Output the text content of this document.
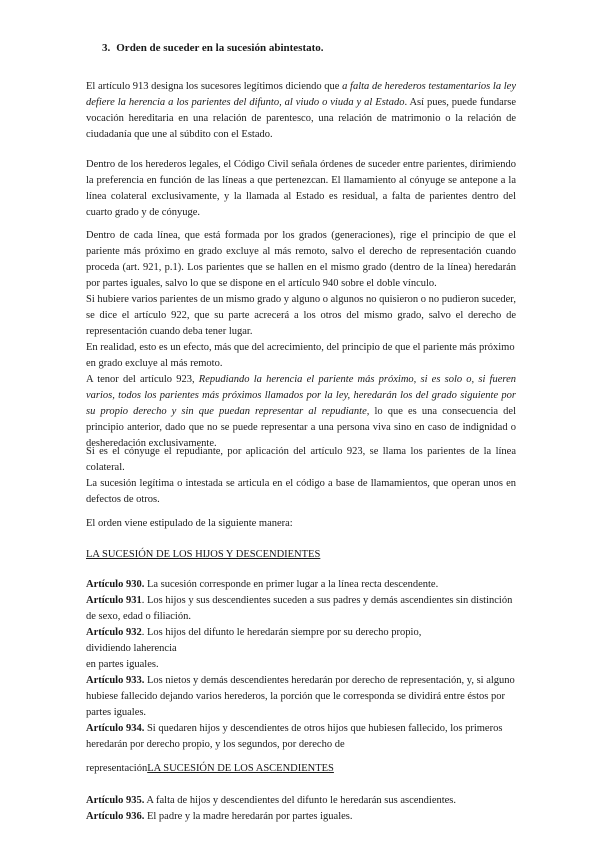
3. Orden de suceder en la sucesión abintestato.

El artículo 913 designa los sucesores legítimos diciendo que a falta de herederos testamentarios la ley defiere la herencia a los parientes del difunto, al viudo o viuda y al Estado. Así pues, puede fundarse vocación hereditaria en una relación de parentesco, una relación de matrimonio o la relación de ciudadanía que une al súbdito con el Estado.

Dentro de los herederos legales, el Código Civil señala órdenes de suceder entre parientes, dirimiendo la preferencia en función de las líneas a que pertenezcan. El llamamiento al cónyuge se antepone a la línea colateral exclusivamente, y la llamada al Estado es residual, a falta de parientes dentro del cuarto grado y de cónyuge.

Dentro de cada línea, que está formada por los grados (generaciones), rige el principio de que el pariente más próximo en grado excluye al más remoto, salvo el derecho de representación cuando proceda (art. 921, p.1). Los parientes que se hallen en el mismo grado (dentro de la línea) heredarán por partes iguales, salvo lo que se dispone en el artículo 940 sobre el doble vínculo.

Si hubiere varios parientes de un mismo grado y alguno o algunos no quisieron o no pudieron suceder, se dice el artículo 922, que su parte acrecerá a los otros del mismo grado, salvo el derecho de representación cuando deba tener lugar.

En realidad, esto es un efecto, más que del acrecimiento, del principio de que el pariente más próximo en grado excluye al más remoto.

A tenor del artículo 923, Repudiando la herencia el pariente más próximo, si es solo o, si fueren varios, todos los parientes más próximos llamados por la ley, heredarán los del grado siguiente por su propio derecho y sin que puedan representar al repudiante, lo que es una consecuencia del principio anterior, dado que no se puede representar a una persona viva sino en caso de indignidad o desheredación exclusivamente.

Si es el cónyuge el repudiante, por aplicación del artículo 923, se llama los parientes de la línea colateral.

La sucesión legítima o intestada se articula en el código a base de llamamientos, que operan unos en defectos de otros.

El orden viene estipulado de la siguiente manera:

LA SUCESIÓN DE LOS HIJOS Y DESCENDIENTES

Artículo 930. La sucesión corresponde en primer lugar a la línea recta descendente.

Artículo 931. Los hijos y sus descendientes suceden a sus padres y demás ascendientes sin distinción de sexo, edad o filiación.

Artículo 932. Los hijos del difunto le heredarán siempre por su derecho propio,

dividiendo laherencia

en partes iguales.

Artículo 933. Los nietos y demás descendientes heredarán por derecho de representación, y, si alguno hubiese fallecido dejando varios herederos, la porción que le corresponda se dividirá entre éstos por partes iguales.

Artículo 934. Si quedaren hijos y descendientes de otros hijos que hubiesen fallecido, los primeros heredarán por derecho propio, y los segundos, por derecho de

representaciónLA SUCESIÓN DE LOS ASCENDIENTES

Artículo 935. A falta de hijos y descendientes del difunto le heredarán sus ascendientes.

Artículo 936. El padre y la madre heredarán por partes iguales.
